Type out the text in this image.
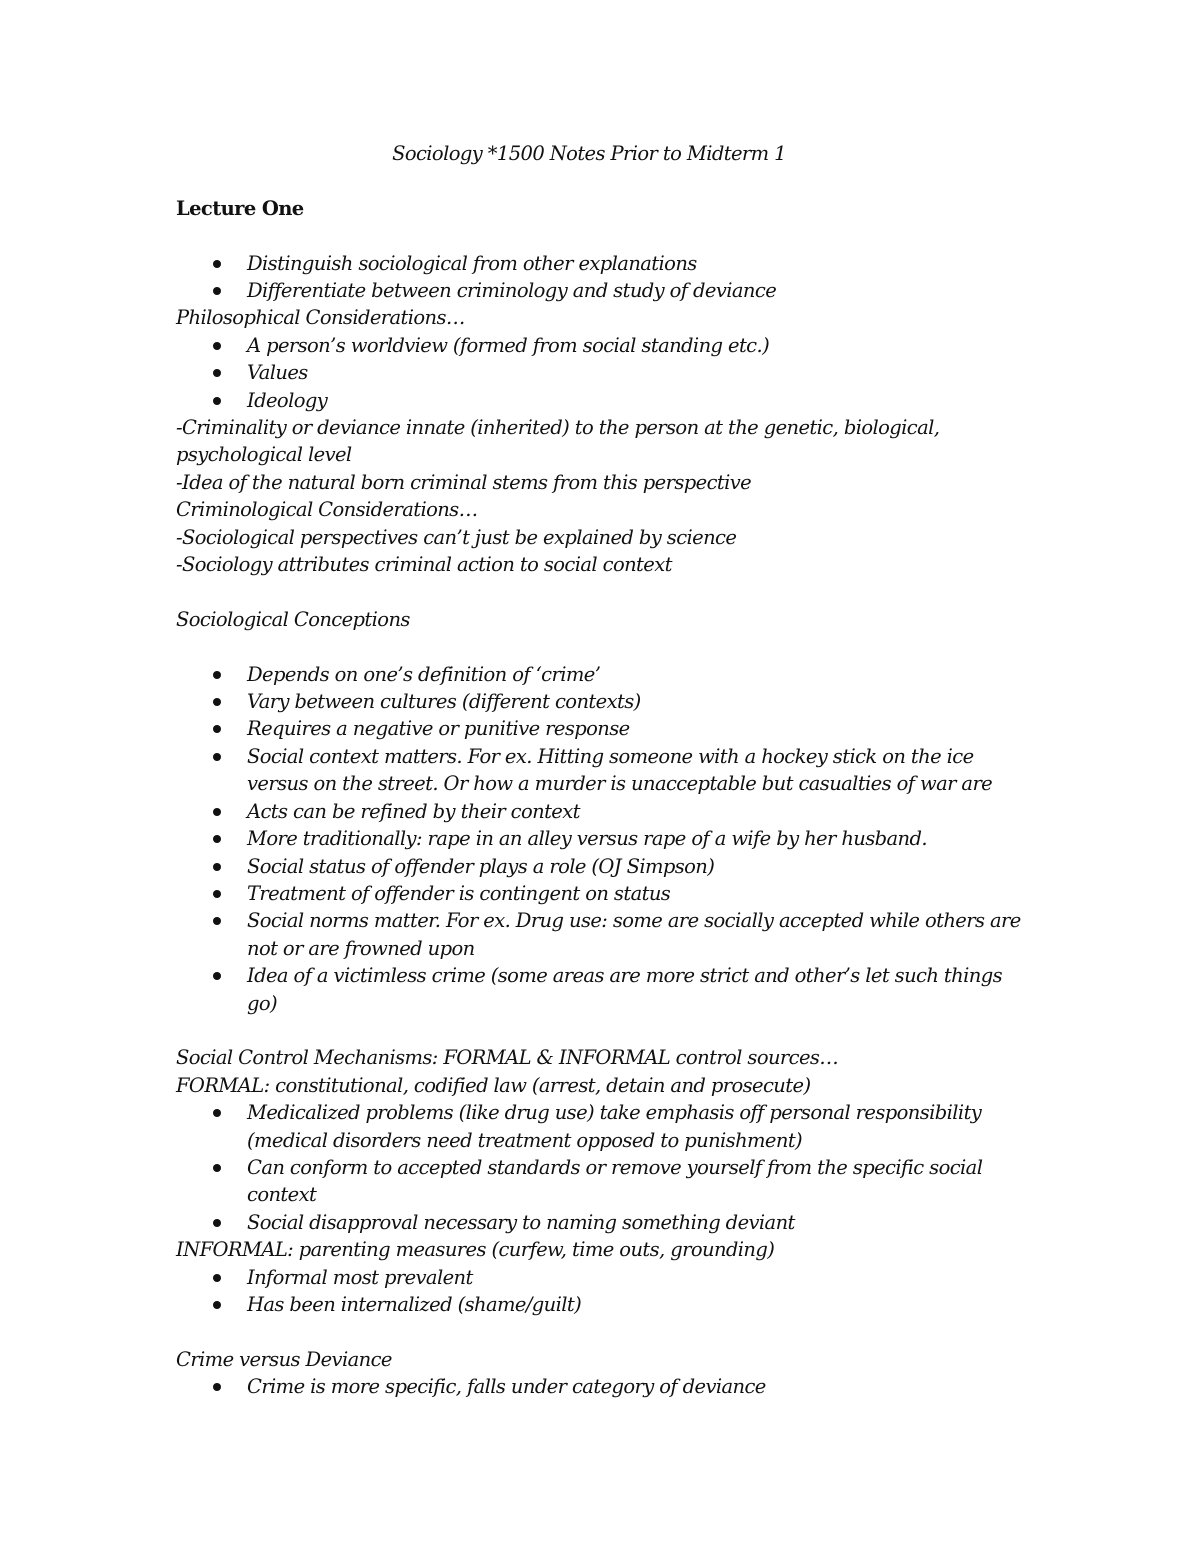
Sociology *1500 Notes Prior to Midterm 1

Lecture One

Distinguish sociological from other explanations
Differentiate between criminology and study of deviance

Philosophical Considerations…

A person’s worldview (formed from social standing etc.)
Values
Ideology

-Criminality or deviance innate (inherited) to the person at the genetic, biological, psychological level

-Idea of the natural born criminal stems from this perspective

Criminological Considerations…

-Sociological perspectives can’t just be explained by science

-Sociology attributes criminal action to social context

Sociological Conceptions

Depends on one’s definition of ‘crime’
Vary between cultures (different contexts)
Requires a negative or punitive response
Social context matters. For ex. Hitting someone with a hockey stick on the ice versus on the street. Or how a murder is unacceptable but casualties of war are
Acts can be refined by their context
More traditionally: rape in an alley versus rape of a wife by her husband.
Social status of offender plays a role (OJ Simpson)
Treatment of offender is contingent on status
Social norms matter. For ex. Drug use: some are socially accepted while others are not or are frowned upon
Idea of a victimless crime (some areas are more strict and other’s let such things go)

Social Control Mechanisms: FORMAL & INFORMAL control sources…

FORMAL: constitutional, codified law (arrest, detain and prosecute)

Medicalized problems (like drug use) take emphasis off personal responsibility (medical disorders need treatment opposed to punishment)
Can conform to accepted standards or remove yourself from the specific social context
Social disapproval necessary to naming something deviant

INFORMAL: parenting measures (curfew, time outs, grounding)

Informal most prevalent
Has been internalized (shame/guilt)

Crime versus Deviance

Crime is more specific, falls under category of deviance
